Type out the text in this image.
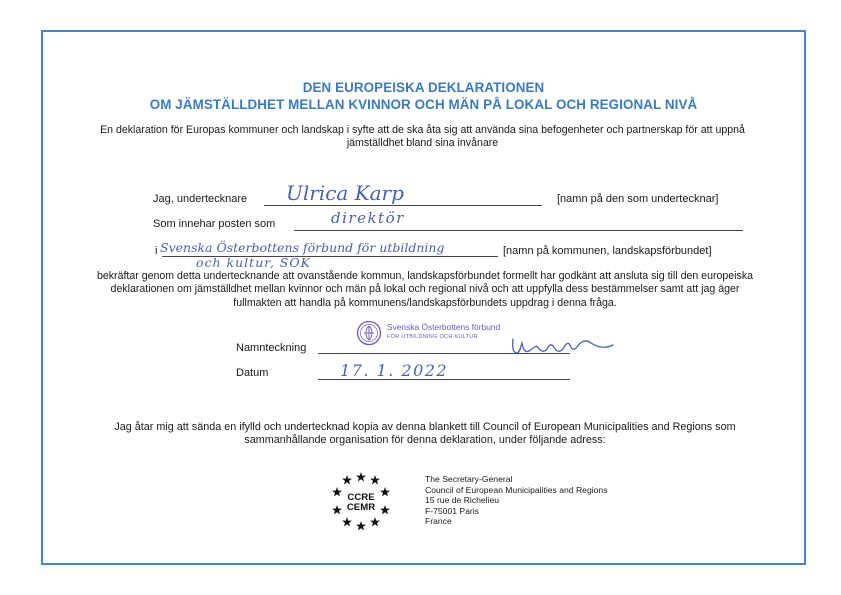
DEN EUROPEISKA DEKLARATIONEN
OM JÄMSTÄLLDHET MELLAN KVINNOR OCH MÄN PÅ LOKAL OCH REGIONAL NIVÅ
En deklaration för Europas kommuner och landskap i syfte att de ska åta sig att använda sina befogenheter och partnerskap för att uppnå jämställdhet bland sina invånare
Jag, undertecknare Ulrica Karp	[namn på den som undertecknar]
Som innehar posten som	direktör
i Svenska Österbottens förbund för utbildning
och kultur, SÖK
[namn på kommunen, landskapsförbundet]
bekräftar genom detta undertecknande att ovanstående kommun, landskapsförbundet formellt har godkänt att ansluta sig till den europeiska deklarationen om jämställdhet mellan kvinnor och män på lokal och regional nivå och att uppfylla dess bestämmelser samt att jag äger fullmakten att handla på kommunens/landskapsförbundets uppdrag i denna fråga.
Svenska Österbottens förbund
FÖR UTBILDNING OCH KULTUR
Namnteckning
Datum	17. 1. 2022
Jag åtar mig att sända en ifylld och undertecknad kopia av denna blankett till Council of European Municipalities and Regions som sammanhållande organisation för denna deklaration, under följande adress:
CCRE
CEMR
The Secretary-General
Council of European Municipalities and Regions
15 rue de Richelieu
F-75001 Paris
France
